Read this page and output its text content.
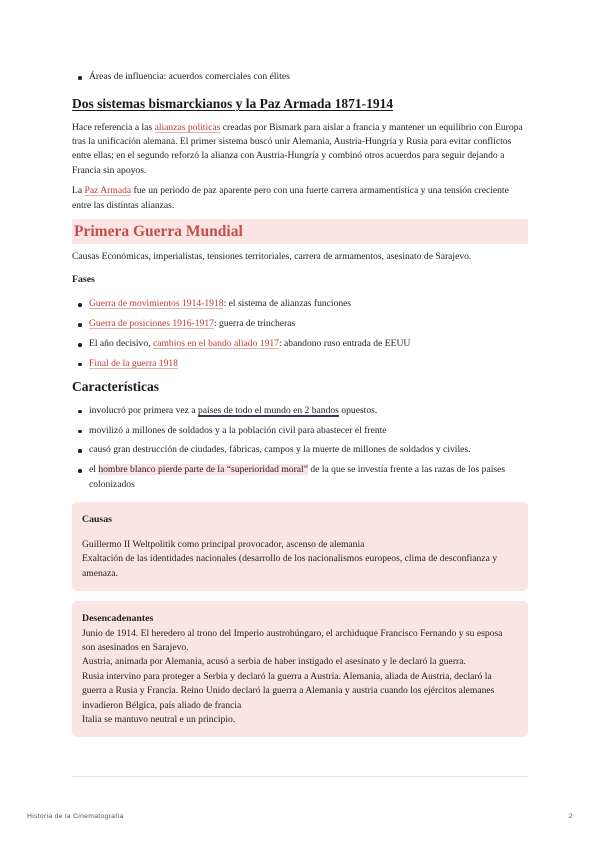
Áreas de influencia: acuerdos comerciales con élites
Dos sistemas bismarckianos y la Paz Armada 1871-1914

Hace referencia a las alianzas políticas creadas por Bismark para aislar a francia y mantener un equilibrio con Europa tras la unificación alemana. El primer sistema buscó unir Alemania, Austria-Hungría y Rusia para evitar conflictos entre ellas; en el segundo reforzó la alianza con Austria-Hungría y combinó otros acuerdos para seguir dejando a Francia sin apoyos.

La Paz Armada fue un periodo de paz aparente pero con una fuerte carrera armamentística y una tensión creciente entre las distintas alianzas.

Primera Guerra Mundial

Causas Económicas, imperialistas, tensiones territoriales, carrera de armamentos, asesinato de Sarajevo.

Fases
Guerra de movimientos 1914-1918: el sistema de alianzas funciones
Guerra de posiciones 1916-1917: guerra de trincheras
El año decisivo, cambios en el bando aliado 1917: abandono ruso entrada de EEUU
Final de la guerra 1918
Características
involucró por primera vez a países de todo el mundo en 2 bandos opuestos.
movilizó a millones de soldados y a la población civil para abastecer el frente
causó gran destrucción de ciudades, fábricas, campos y la muerte de millones de soldados y civiles.
el hombre blanco pierde parte de la “superioridad moral” de la que se investía frente a las razas de los países colonizados
Causas

Guillermo II Weltpolitik como principal provocador, ascenso de alemania

Exaltación de las identidades nacionales (desarrollo de los nacionalismos europeos, clima de desconfianza y amenaza.

Desencadenantes

Junio de 1914. El heredero al trono del Imperio austrohúngaro, el archiduque Francisco Fernando y su esposa son asesinados en Sarajevo.

Austria, animada por Alemania, acusó a serbia de haber instigado el asesinato y le declaró la guerra.

Rusia intervino para proteger a Serbia y declaró la guerra a Austria. Alemania, aliada de Austria, declaró la guerra a Rusia y Francia. Reino Unido declaró la guerra a Alemania y austria cuando los ejércitos alemanes invadieron Bélgica, país aliado de francia

Italia se mantuvo neutral e un principio.

Historia de la Cinematografía	2
